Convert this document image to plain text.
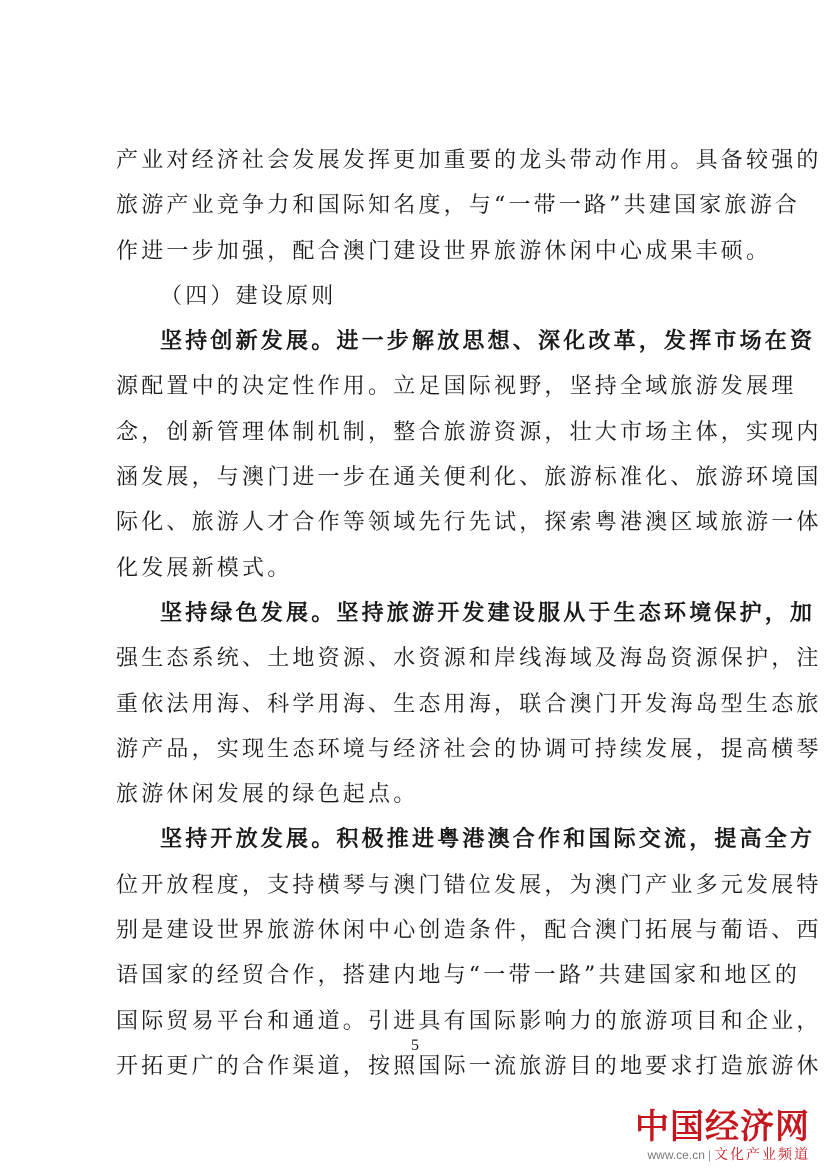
产业对经济社会发展发挥更加重要的龙头带动作用。具备较强的
旅游产业竞争力和国际知名度，与“一带一路”共建国家旅游合
作进一步加强，配合澳门建设世界旅游休闲中心成果丰硕。
（四）建设原则
坚持创新发展。进一步解放思想、深化改革，发挥市场在资
源配置中的决定性作用。立足国际视野，坚持全域旅游发展理
念，创新管理体制机制，整合旅游资源，壮大市场主体，实现内
涵发展，与澳门进一步在通关便利化、旅游标准化、旅游环境国
际化、旅游人才合作等领域先行先试，探索粤港澳区域旅游一体
化发展新模式。
坚持绿色发展。坚持旅游开发建设服从于生态环境保护，加
强生态系统、土地资源、水资源和岸线海域及海岛资源保护，注
重依法用海、科学用海、生态用海，联合澳门开发海岛型生态旅
游产品，实现生态环境与经济社会的协调可持续发展，提高横琴
旅游休闲发展的绿色起点。
坚持开放发展。积极推进粤港澳合作和国际交流，提高全方
位开放程度，支持横琴与澳门错位发展，为澳门产业多元发展特
别是建设世界旅游休闲中心创造条件，配合澳门拓展与葡语、西
语国家的经贸合作，搭建内地与“一带一路”共建国家和地区的
国际贸易平台和通道。引进具有国际影响力的旅游项目和企业，
开拓更广的合作渠道，按照国际一流旅游目的地要求打造旅游休
5
中国经济网
www.ce.cn | 文化产业频道
